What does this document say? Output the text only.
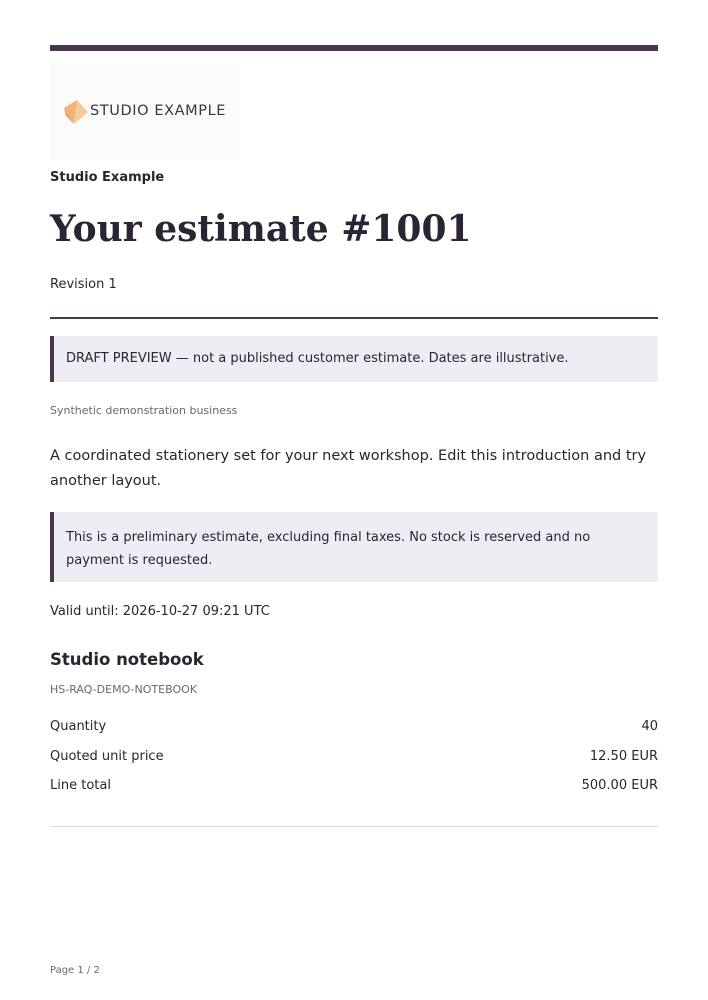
STUDIO EXAMPLE
Studio Example
Your estimate #1001
Revision 1
DRAFT PREVIEW — not a published customer estimate. Dates are illustrative.
Synthetic demonstration business
A coordinated stationery set for your next workshop. Edit this introduction and try another layout.
This is a preliminary estimate, excluding final taxes. No stock is reserved and no payment is requested.
Valid until: 2026-10-27 09:21 UTC
Studio notebook
HS-RAQ-DEMO-NOTEBOOK
Quantity	40
Quoted unit price	12.50 EUR
Line total	500.00 EUR
Page 1 / 2
